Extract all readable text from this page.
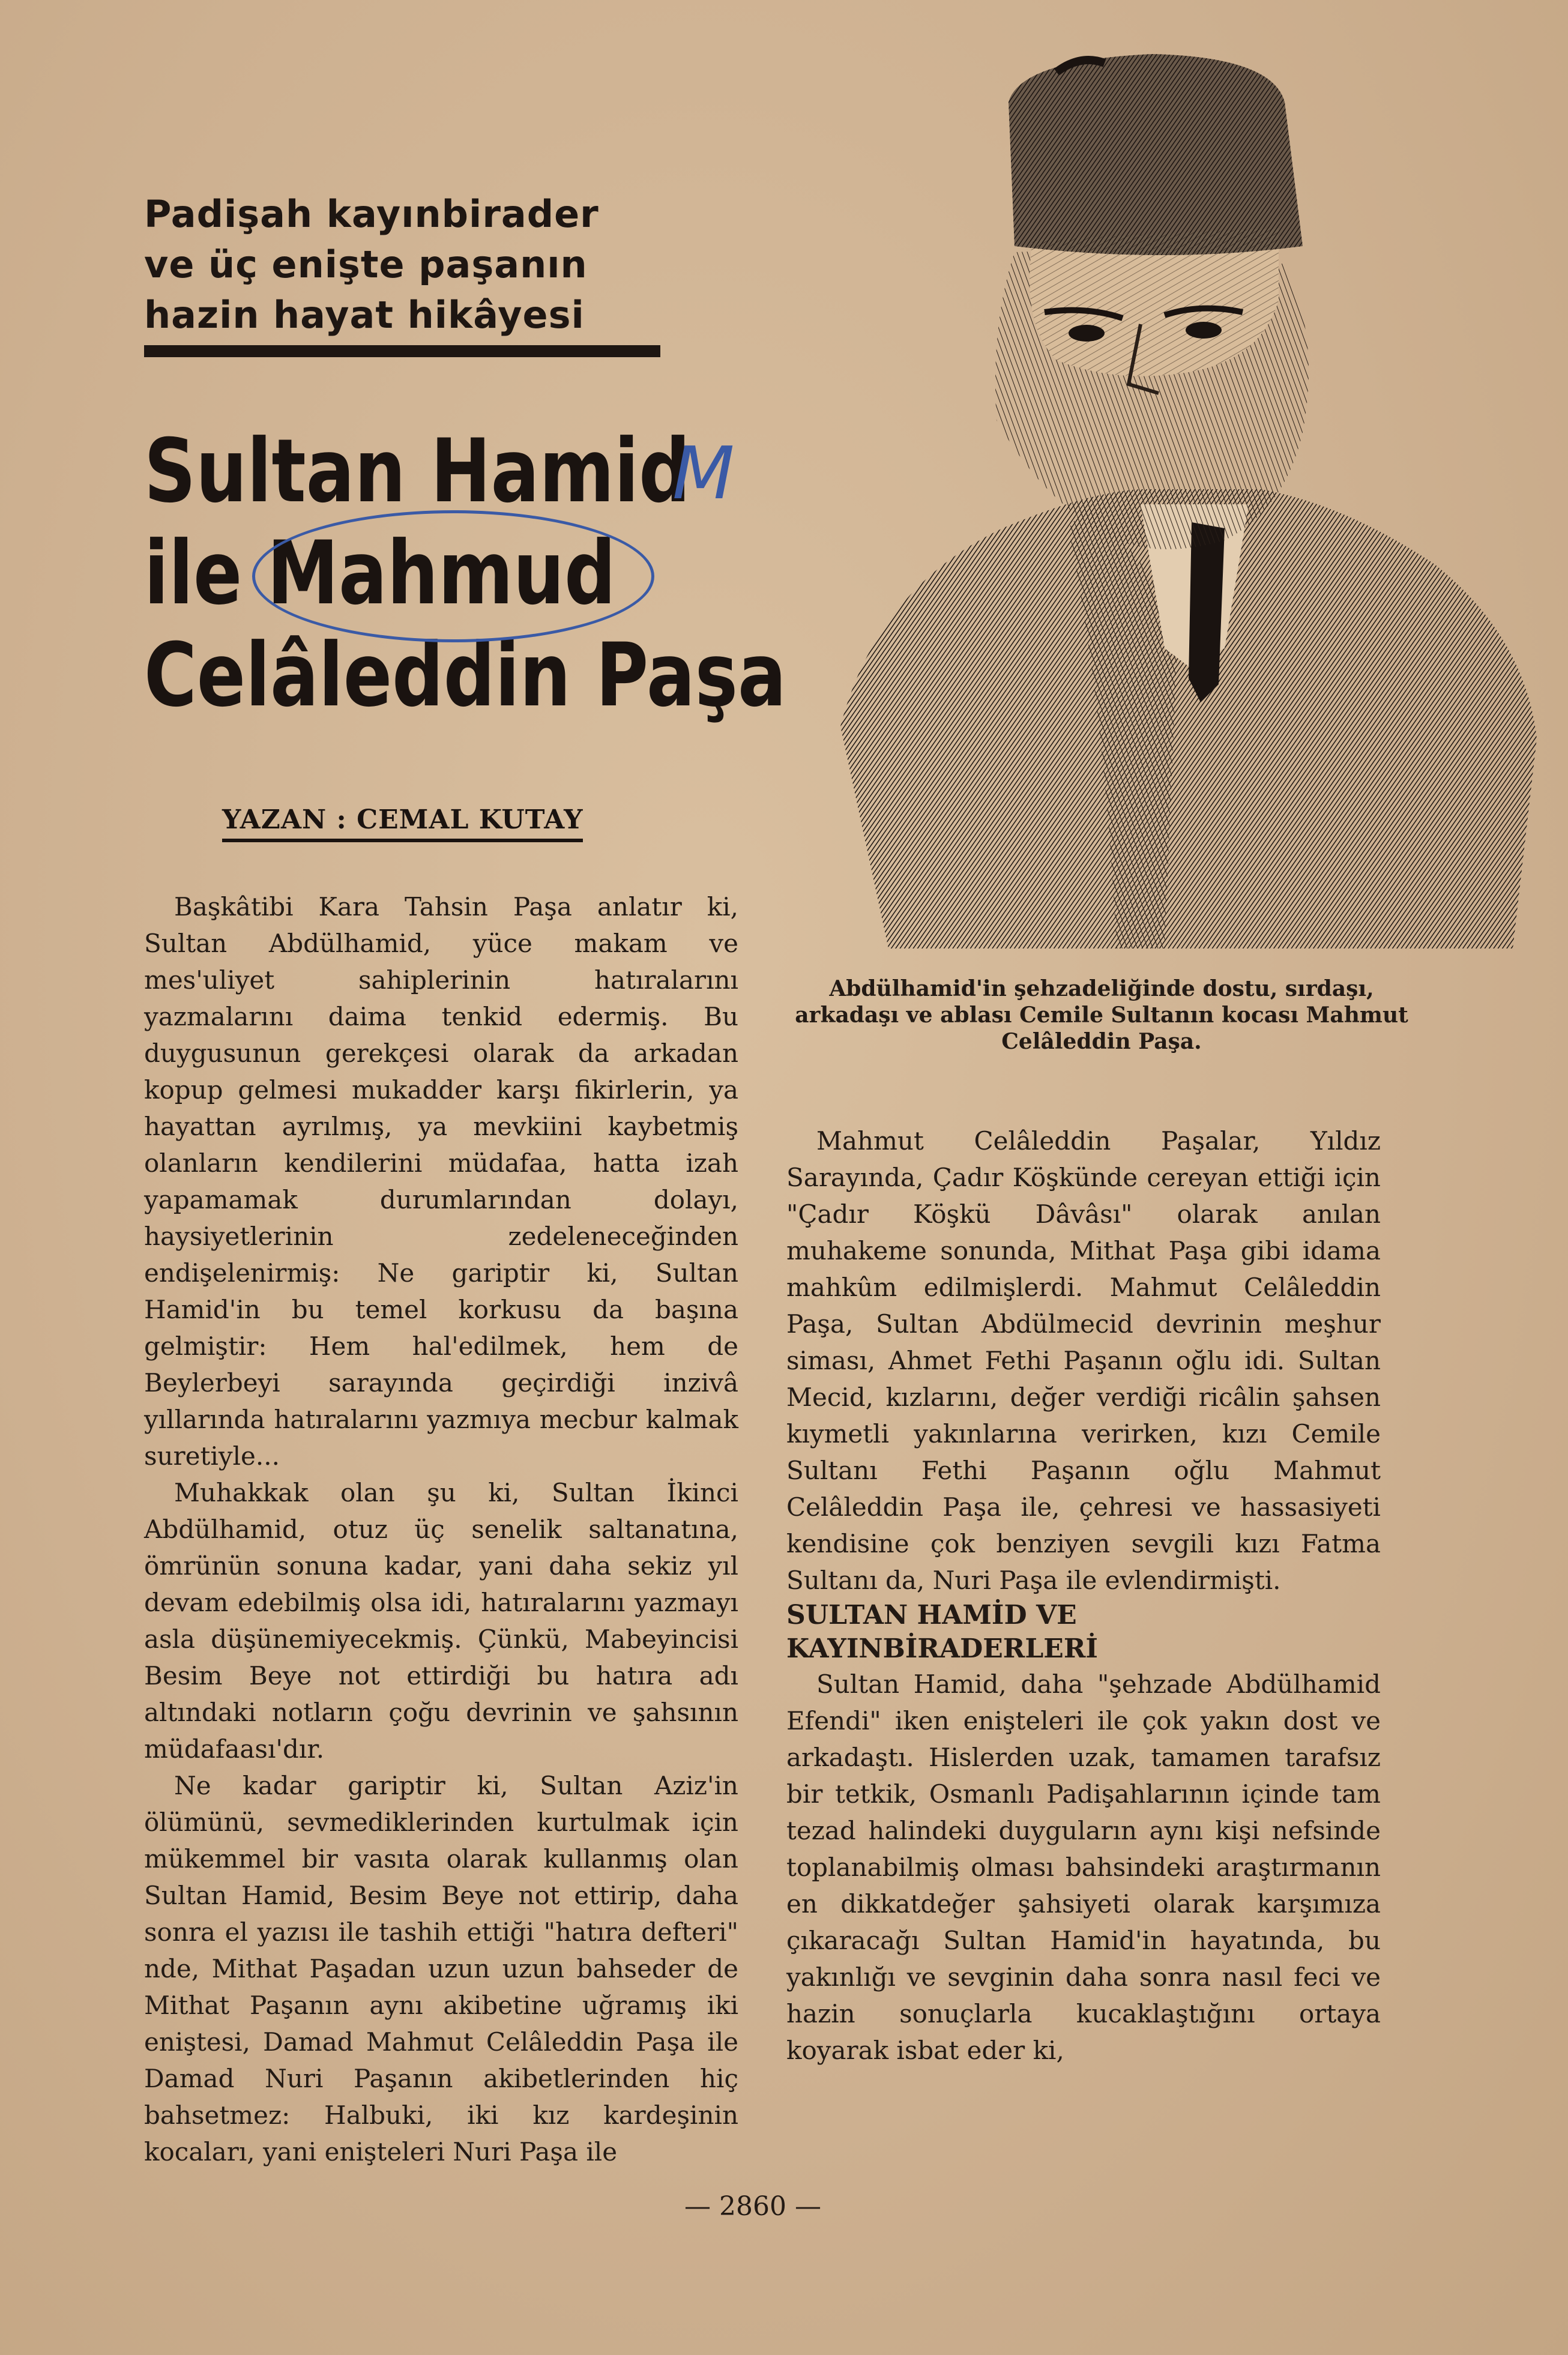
Padişah kayınbirader
ve üç enişte paşanın
hazin hayat hikâyesi
Sultan Hamid
ile Mahmud
Celâleddin Paşa
M
YAZAN : CEMAL KUTAY
Abdülhamid'in şehzadeliğinde dostu, sırdaşı, arkadaşı ve ablası Cemile Sultanın kocası Mahmut Celâleddin Paşa.

Başkâtibi Kara Tahsin Paşa anlatır ki, Sultan Abdülhamid, yüce makam ve mes'uliyet sahiplerinin hatıralarını yazmalarını daima tenkid edermiş. Bu duygusunun gerekçesi olarak da arkadan kopup gelmesi mukadder karşı fikirlerin, ya hayattan ayrılmış, ya mevkiini kaybetmiş olanların kendilerini müdafaa, hatta izah yapamamak durumlarından dolayı, haysiyetlerinin zedeleneceğinden endişelenirmiş: Ne gariptir ki, Sultan Hamid'in bu temel korkusu da başına gelmiştir: Hem hal'edilmek, hem de Beylerbeyi sarayında geçirdiği inzivâ yıllarında hatıralarını yazmıya mecbur kalmak suretiyle...

Muhakkak olan şu ki, Sultan İkinci Abdülhamid, otuz üç senelik saltanatına, ömrünün sonuna kadar, yani daha sekiz yıl devam edebilmiş olsa idi, hatıralarını yazmayı asla düşünemiyecekmiş. Çünkü, Mabeyincisi Besim Beye not ettirdiği bu hatıra adı altındaki notların çoğu devrinin ve şahsının müdafaası'dır.

Ne kadar gariptir ki, Sultan Aziz'in ölümünü, sevmediklerinden kurtulmak için mükemmel bir vasıta olarak kullanmış olan Sultan Hamid, Besim Beye not ettirip, daha sonra el yazısı ile tashih ettiği "hatıra defteri" nde, Mithat Paşadan uzun uzun bahseder de Mithat Paşanın aynı akibetine uğramış iki eniştesi, Damad Mahmut Celâleddin Paşa ile Damad Nuri Paşanın akibetlerinden hiç bahsetmez: Halbuki, iki kız kardeşinin kocaları, yani enişteleri Nuri Paşa ile

Mahmut Celâleddin Paşalar, Yıldız Sarayında, Çadır Köşkünde cereyan ettiği için "Çadır Köşkü Dâvâsı" olarak anılan muhakeme sonunda, Mithat Paşa gibi idama mahkûm edilmişlerdi. Mahmut Celâleddin Paşa, Sultan Abdülmecid devrinin meşhur siması, Ahmet Fethi Paşanın oğlu idi. Sultan Mecid, kızlarını, değer verdiği ricâlin şahsen kıymetli yakınlarına verirken, kızı Cemile Sultanı Fethi Paşanın oğlu Mahmut Celâleddin Paşa ile, çehresi ve hassasiyeti kendisine çok benziyen sevgili kızı Fatma Sultanı da, Nuri Paşa ile evlendirmişti.

SULTAN HAMİD VE KAYINBİRADERLERİ

Sultan Hamid, daha "şehzade Abdülhamid Efendi" iken enişteleri ile çok yakın dost ve arkadaştı. Hislerden uzak, tamamen tarafsız bir tetkik, Osmanlı Padişahlarının içinde tam tezad halindeki duyguların aynı kişi nefsinde toplanabilmiş olması bahsindeki araştırmanın en dikkatdeğer şahsiyeti olarak karşımıza çıkaracağı Sultan Hamid'in hayatında, bu yakınlığı ve sevginin daha sonra nasıl feci ve hazin sonuçlarla kucaklaştığını ortaya koyarak isbat eder ki,

— 2860 —
